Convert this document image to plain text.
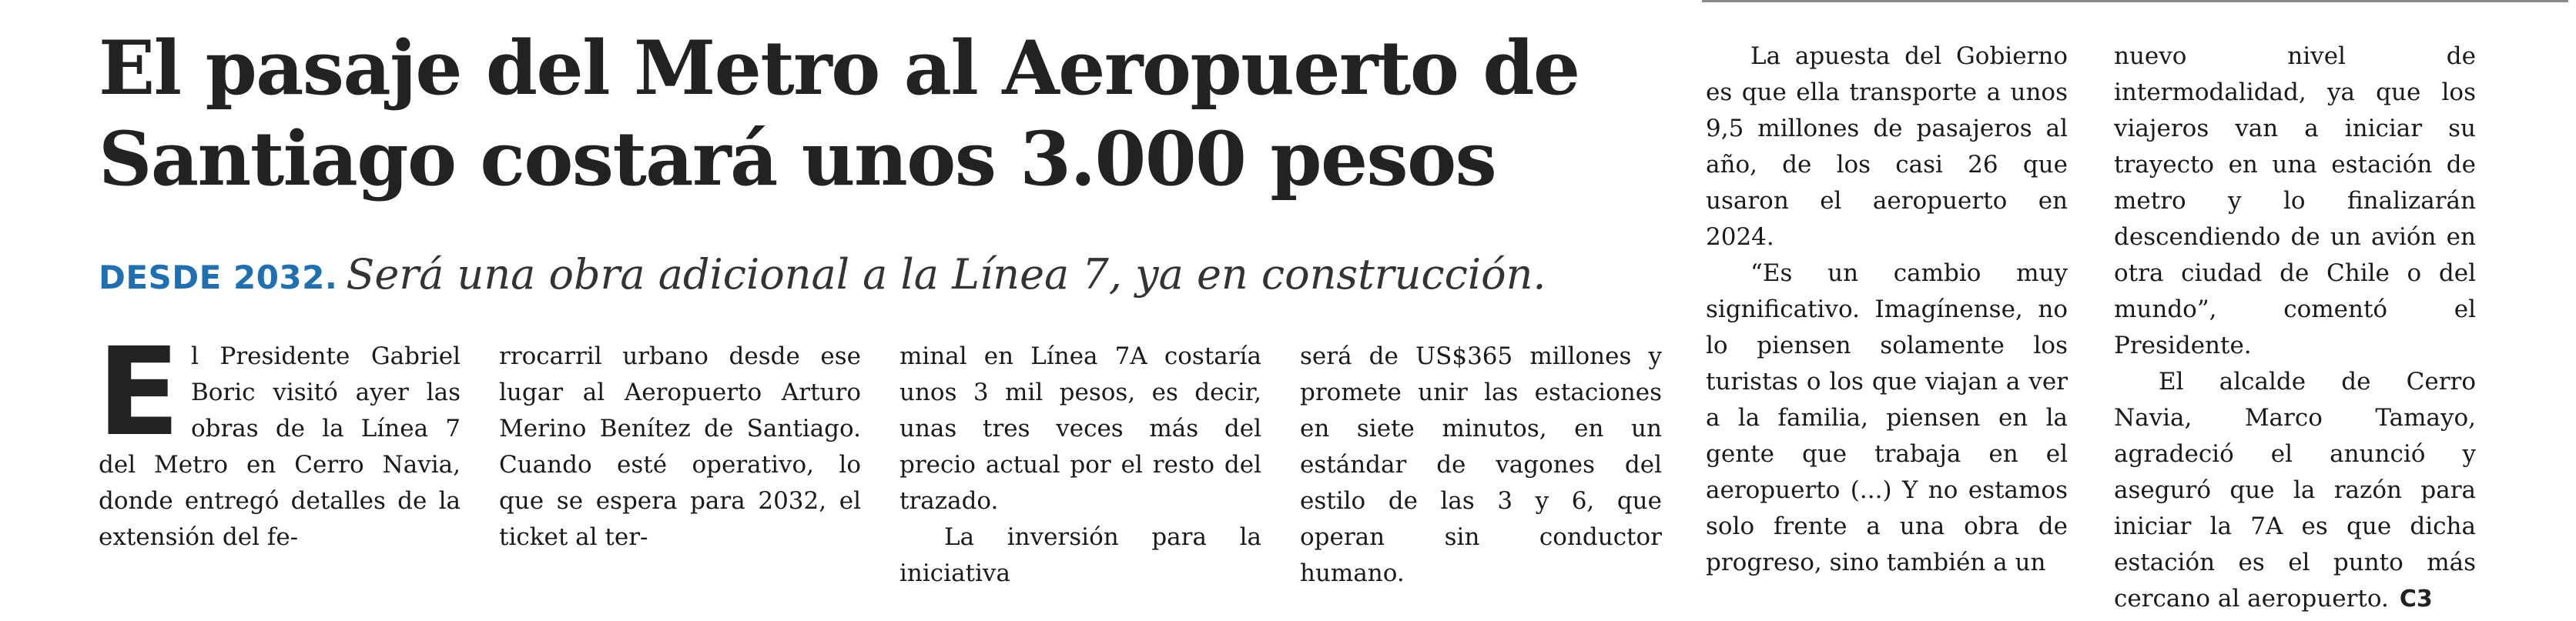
El pasaje del Metro al Aeropuerto de
Santiago costará unos 3.000 pesos
DESDE 2032. Será una obra adicional a la Línea 7, ya en construcción.

E l Presidente Gabriel Boric visitó ayer las obras de la Línea 7 del Metro en Cerro Navia, donde entregó detalles de la extensión del fe-

rrocarril urbano desde ese lugar al Aeropuerto Arturo Merino Benítez de Santiago. Cuando esté operativo, lo que se espera para 2032, el ticket al ter-

minal en Línea 7A costaría unos 3 mil pesos, es decir, unas tres veces más del precio actual por el resto del trazado.

La inversión para la iniciativa

será de US$365 millones y promete unir las estaciones en siete minutos, en un estándar de vagones del estilo de las 3 y 6, que operan sin conductor humano.

La apuesta del Gobierno es que ella transporte a unos 9,5 millones de pasajeros al año, de los casi 26 que usaron el aeropuerto en 2024.

“Es un cambio muy significativo. Imagínense, no lo piensen solamente los turistas o los que viajan a ver a la familia, piensen en la gente que trabaja en el aeropuerto (...) Y no estamos solo frente a una obra de progreso, sino también a un

nuevo nivel de intermodalidad, ya que los viajeros van a iniciar su trayecto en una estación de metro y lo finalizarán descendiendo de un avión en otra ciudad de Chile o del mundo”, comentó el Presidente.

El alcalde de Cerro Navia, Marco Tamayo, agradeció el anunció y aseguró que la razón para iniciar la 7A es que dicha estación es el punto más cercano al aeropuerto. C3
